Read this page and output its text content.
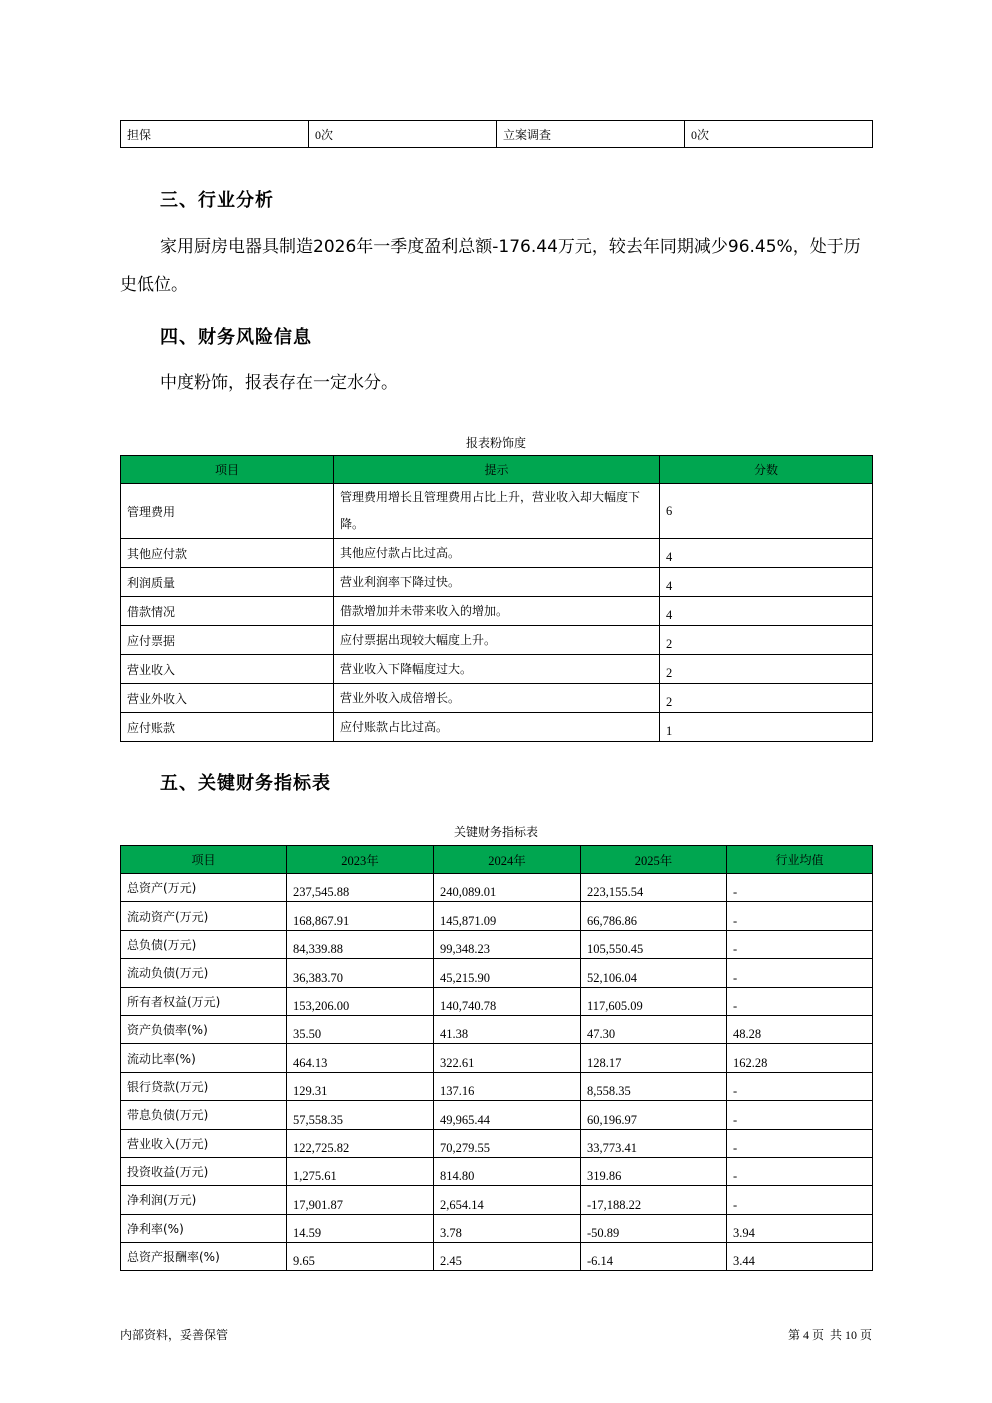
担保	0次	立案调查	0次
三、行业分析
家用厨房电器具制造2026年一季度盈利总额-176.44万元，较去年同期减少96.45%，处于历
史低位。
四、财务风险信息
中度粉饰，报表存在一定水分。
报表粉饰度
项目	提示	分数
管理费用	管理费用增长且管理费用占比上升，营业收入却大幅度下降。	6
其他应付款	其他应付款占比过高。	4
利润质量	营业利润率下降过快。	4
借款情况	借款增加并未带来收入的增加。	4
应付票据	应付票据出现较大幅度上升。	2
营业收入	营业收入下降幅度过大。	2
营业外收入	营业外收入成倍增长。	2
应付账款	应付账款占比过高。	1
五、关键财务指标表
关键财务指标表
项目	2023年	2024年	2025年	行业均值
总资产(万元)	237,545.88	240,089.01	223,155.54	-
流动资产(万元)	168,867.91	145,871.09	66,786.86	-
总负债(万元)	84,339.88	99,348.23	105,550.45	-
流动负债(万元)	36,383.70	45,215.90	52,106.04	-
所有者权益(万元)	153,206.00	140,740.78	117,605.09	-
资产负债率(%)	35.50	41.38	47.30	48.28
流动比率(%)	464.13	322.61	128.17	162.28
银行贷款(万元)	129.31	137.16	8,558.35	-
带息负债(万元)	57,558.35	49,965.44	60,196.97	-
营业收入(万元)	122,725.82	70,279.55	33,773.41	-
投资收益(万元)	1,275.61	814.80	319.86	-
净利润(万元)	17,901.87	2,654.14	-17,188.22	-
净利率(%)	14.59	3.78	-50.89	3.94
总资产报酬率(%)	9.65	2.45	-6.14	3.44
内部资料，妥善保管	第 4 页  共 10 页
